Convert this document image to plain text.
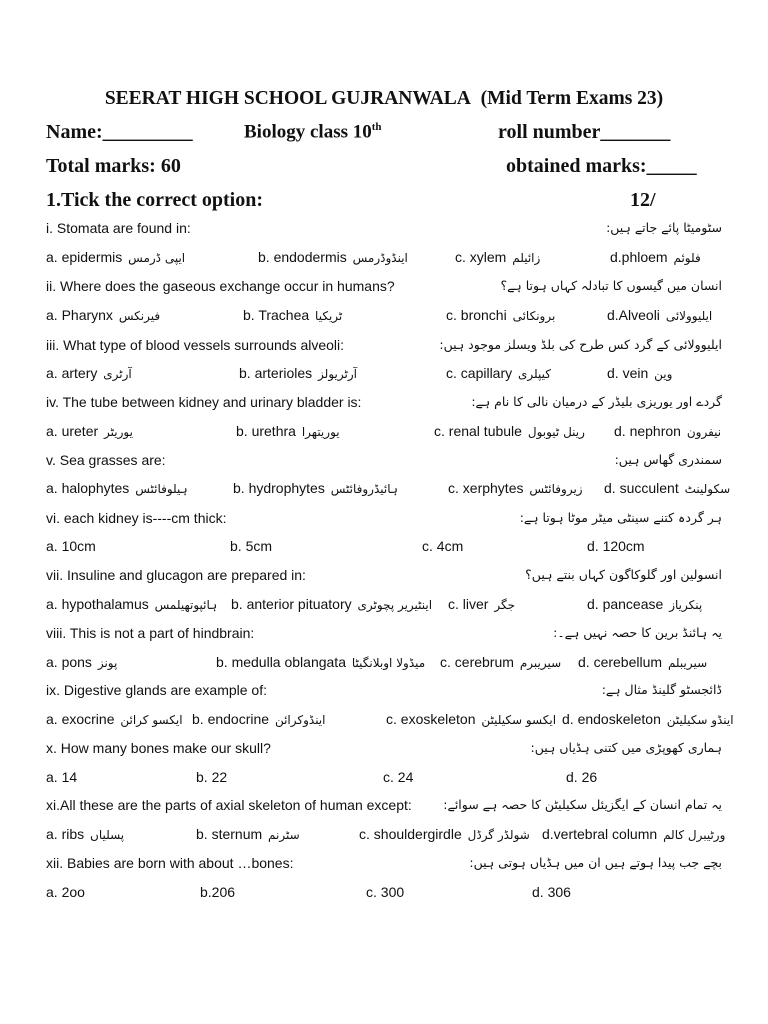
SEERAT HIGH SCHOOL GUJRANWALA (Mid Term Exams 23)
Name:_________	Biology class 10th	roll number_______
Total marks: 60	obtained marks:_____
1.Tick the correct option:	12/
i. Stomata are found in:	سٹومیٹا پائے جاتے ہیں:
a. epidermis ایپی ڈرمس	b. endodermis اینڈوڈرمس	c. xylem زائیلم	d.phloem فلوئم
ii. Where does the gaseous exchange occur in humans?	انسان میں گیسوں کا تبادلہ کہاں ہوتا ہے؟
a. Pharynx فیرنکس	b. Trachea ٹریکیا	c. bronchi برونکائی	d.Alveoli ایلیوولائی
iii. What type of blood vessels surrounds alveoli:	ایلیوولائی کے گرد کس طرح کی بلڈ ویسلز موجود ہیں:
a. artery آرٹری	b. arterioles آرٹریولز	c. capillary کیپلری	d. vein وین
iv. The tube between kidney and urinary bladder is:	گردے اور یوریزی بلیڈر کے درمیان نالی کا نام ہے:
a. ureter یوریٹر	b. urethra یوریتھرا	c. renal tubule رینل ٹیوبول d. nephron نیفرون
v. Sea grasses are:	سمندری گھاس ہیں:
a. halophytes ہیلوفائٹس	b. hydrophytes ہائیڈروفائٹس	c. xerphytes زیروفائٹس d. succulent سکولینٹ
vi. each kidney is----cm thick:	ہر گردہ کتنے سینٹی میٹر موٹا ہوتا ہے:
a. 10cm	b. 5cm	c. 4cm	d. 120cm
vii. Insuline and glucagon are prepared in:	انسولین اور گلوکاگون کہاں بنتے ہیں؟
a. hypothalamus ہائپوتھیلمس b. anterior pituatory اینٹیریر پچوٹری c. liver جگر	d. pancease پنکریاز
viii. This is not a part of hindbrain:	یہ ہائنڈ برین کا حصہ نہیں ہے۔:
a. pons پونز	b. medulla oblangata میڈولا اوبلانگیٹا c. cerebrum سیریبرم d. cerebellum سیریبلم
ix. Digestive glands are example of:	ڈائجسٹو گلینڈ مثال ہے:
a. exocrine ایکسو کرائن b. endocrine اینڈوکرائن	c. exoskeleton ایکسو سکیلیٹن d. endoskeleton اینڈو سکیلیٹن
x. How many bones make our skull?	ہماری کھوپڑی میں کتنی ہڈیاں ہیں:
a. 14	b. 22	c. 24	d. 26
xi.All these are the parts of axial skeleton of human except:	یہ تمام انسان کے ایگزیئل سکیلیٹن کا حصہ ہے سوائے:
a. ribs پسلیاں	b. sternum سٹرنم	c. shouldergirdle شولڈر گرڈل d.vertebral column ورٹیبرل کالم
xii. Babies are born with about …bones:	بچے جب پیدا ہوتے ہیں ان میں ہڈیاں ہوتی ہیں:
a. 2oo	b.206	c. 300	d. 306
